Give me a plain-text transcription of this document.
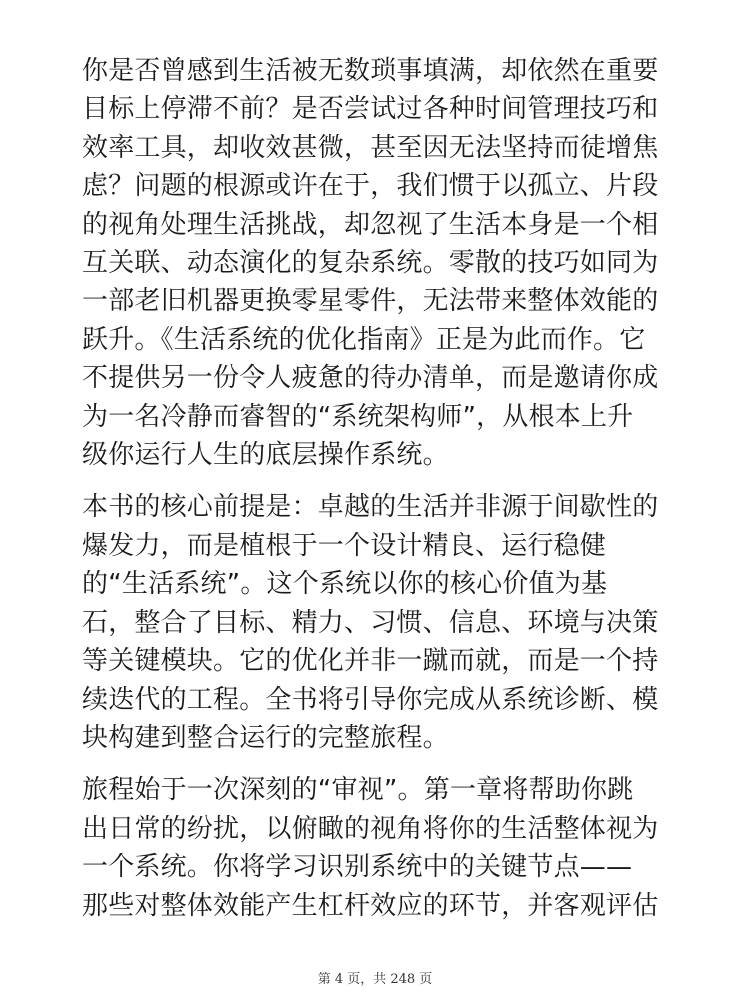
你是否曾感到生活被无数琐事填满，却依然在重要
目标上停滞不前？是否尝试过各种时间管理技巧和
效率工具，却收效甚微，甚至因无法坚持而徒增焦
虑？问题的根源或许在于，我们惯于以孤立、片段
的视角处理生活挑战，却忽视了生活本身是一个相
互关联、动态演化的复杂系统。零散的技巧如同为
一部老旧机器更换零星零件，无法带来整体效能的
跃升。《生活系统的优化指南》正是为此而作。它
不提供另一份令人疲惫的待办清单，而是邀请你成
为一名冷静而睿智的“系统架构师”，从根本上升
级你运行人生的底层操作系统。
本书的核心前提是：卓越的生活并非源于间歇性的
爆发力，而是植根于一个设计精良、运行稳健
的“生活系统”。这个系统以你的核心价值为基
石，整合了目标、精力、习惯、信息、环境与决策
等关键模块。它的优化并非一蹴而就，而是一个持
续迭代的工程。全书将引导你完成从系统诊断、模
块构建到整合运行的完整旅程。
旅程始于一次深刻的“审视”。第一章将帮助你跳
出日常的纷扰，以俯瞰的视角将你的生活整体视为
一个系统。你将学习识别系统中的关键节点——
那些对整体效能产生杠杆效应的环节，并客观评估
第 4 页，共 248 页
